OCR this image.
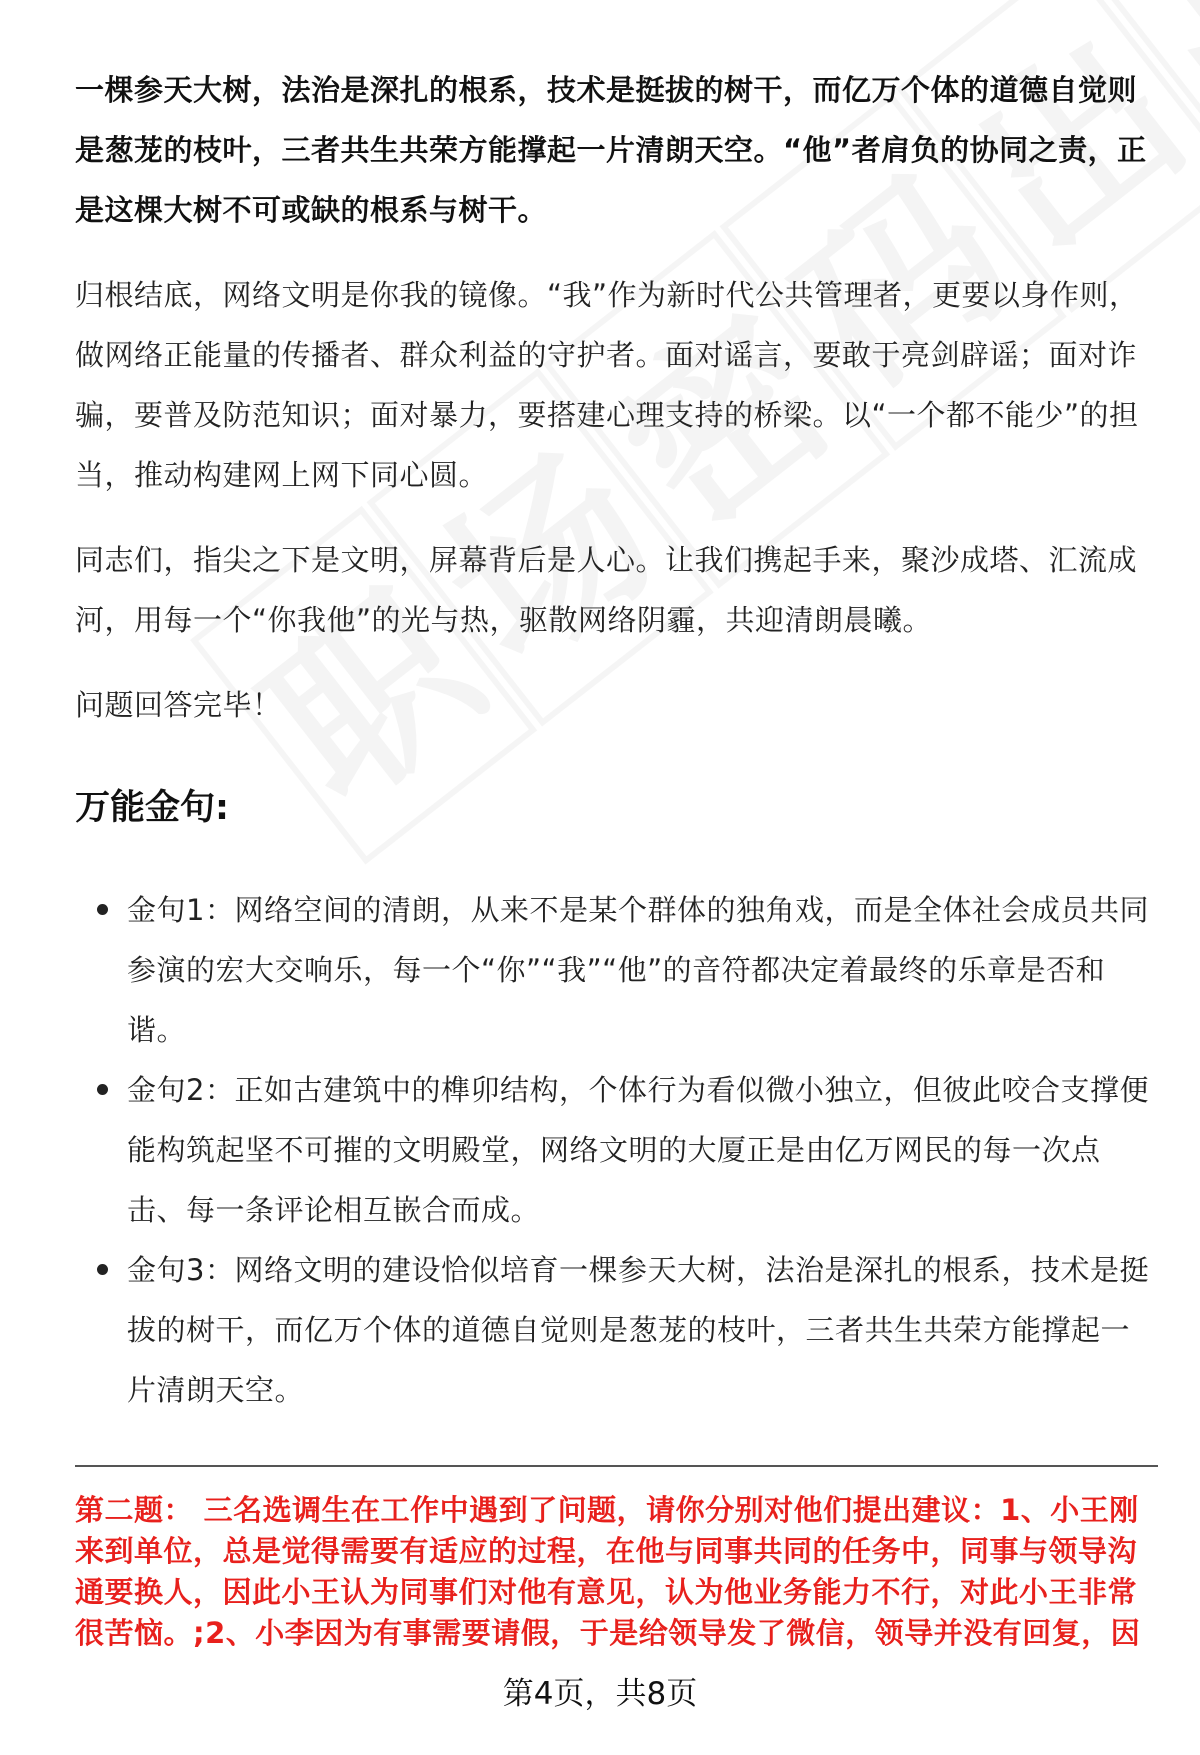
一棵参天大树，法治是深扎的根系，技术是挺拔的树干，而亿万个体的道德自觉则是葱茏的枝叶，三者共生共荣方能撑起一片清朗天空。“他”者肩负的协同之责，正是这棵大树不可或缺的根系与树干。

归根结底，网络文明是你我的镜像。“我”作为新时代公共管理者，更要以身作则，做网络正能量的传播者、群众利益的守护者。面对谣言，要敢于亮剑辟谣；面对诈骗，要普及防范知识；面对暴力，要搭建心理支持的桥梁。以“一个都不能少”的担当，推动构建网上网下同心圆。

同志们，指尖之下是文明，屏幕背后是人心。让我们携起手来，聚沙成塔、汇流成河，用每一个“你我他”的光与热，驱散网络阴霾，共迎清朗晨曦。

问题回答完毕！

万能金句:
金句1：网络空间的清朗，从来不是某个群体的独角戏，而是全体社会成员共同参演的宏大交响乐，每一个“你”“我”“他”的音符都决定着最终的乐章是否和谐。
金句2：正如古建筑中的榫卯结构，个体行为看似微小独立，但彼此咬合支撑便能构筑起坚不可摧的文明殿堂，网络文明的大厦正是由亿万网民的每一次点击、每一条评论相互嵌合而成。
金句3：网络文明的建设恰似培育一棵参天大树，法治是深扎的根系，技术是挺拔的树干，而亿万个体的道德自觉则是葱茏的枝叶，三者共生共荣方能撑起一片清朗天空。

第二题： 三名选调生在工作中遇到了问题，请你分别对他们提出建议：1、小王刚来到单位，总是觉得需要有适应的过程，在他与同事共同的任务中，同事与领导沟通要换人，因此小王认为同事们对他有意见，认为他业务能力不行，对此小王非常很苦恼。;2、小李因为有事需要请假，于是给领导发了微信，领导并没有回复，因

第4页，共8页
